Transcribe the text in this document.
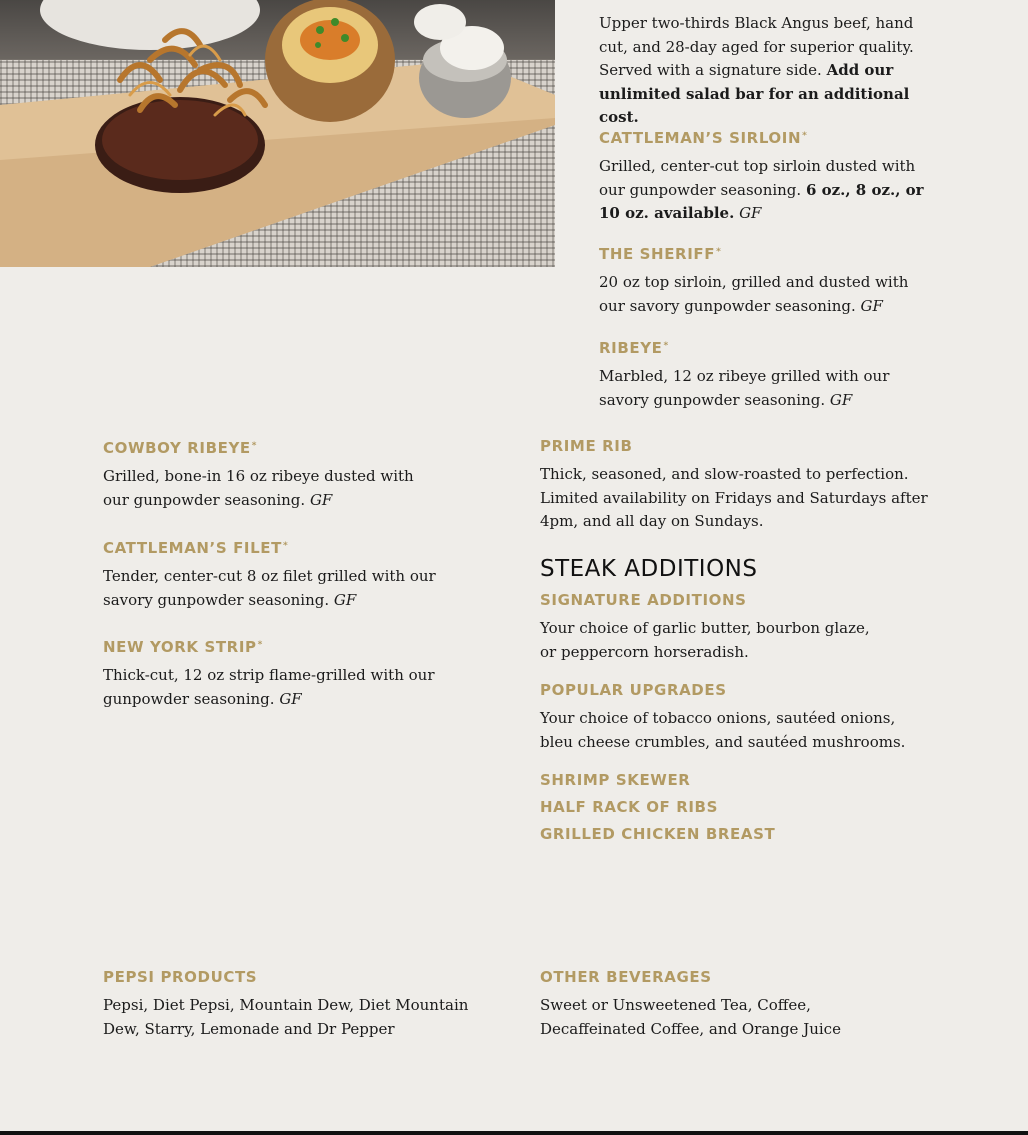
Upper two-thirds Black Angus beef, hand cut, and 28-day aged for superior quality. Served with a signature side. Add our unlimited salad bar for an additional cost.

CATTLEMAN’S SIRLOIN*

Grilled, center-cut top sirloin dusted with our gunpowder seasoning. 6 oz., 8 oz., or 10 oz. available. GF

THE SHERIFF*

20 oz top sirloin, grilled and dusted with our savory gunpowder seasoning. GF

RIBEYE*

Marbled, 12 oz ribeye grilled with our savory gunpowder seasoning. GF

COWBOY RIBEYE*

Grilled, bone-in 16 oz ribeye dusted with our gunpowder seasoning. GF

CATTLEMAN’S FILET*

Tender, center-cut 8 oz filet grilled with our savory gunpowder seasoning. GF

NEW YORK STRIP*

Thick-cut, 12 oz strip flame-grilled with our gunpowder seasoning. GF

PRIME RIB

Thick, seasoned, and slow-roasted to perfection. Limited availability on Fridays and Saturdays after 4pm, and all day on Sundays.

STEAK ADDITIONS
SIGNATURE ADDITIONS

Your choice of garlic butter, bourbon glaze, or peppercorn horseradish.

POPULAR UPGRADES

Your choice of tobacco onions, sautéed onions, bleu cheese crumbles, and sautéed mushrooms.

SHRIMP SKEWER
HALF RACK OF RIBS
GRILLED CHICKEN BREAST
PEPSI PRODUCTS

Pepsi, Diet Pepsi, Mountain Dew, Diet Mountain Dew, Starry, Lemonade and Dr Pepper

OTHER BEVERAGES

Sweet or Unsweetened Tea, Coffee, Decaffeinated Coffee, and Orange Juice
